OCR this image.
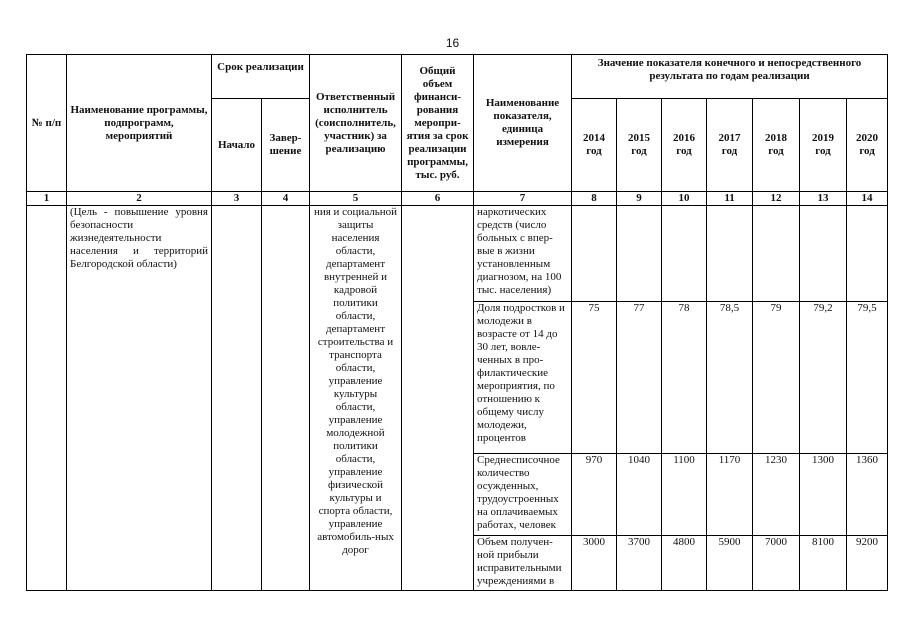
16
№ п/п	Наименование программы, подпрограмм, мероприятий	Срок реализации		Ответственный исполнитель (соисполнитель, участник) за реализацию	Общий объем финанси-рования меропри-ятия за срок реализации программы, тыс. руб.	Наименование показателя, единица измерения	Значение показателя конечного и непосредственного результата по годам реализации						
		Начало	Завер-шение				2014 год	2015 год	2016 год	2017 год	2018 год	2019 год	2020 год
1	2	3	4	5	6	7	8	9	10	11	12	13	14
	(Цель - повышение уровня безопасности жизнедеятельности населения и территорий Белгородской области)			ния и социальной защиты населения области, департамент внутренней и кадровой политики области, департамент строительства и транспорта области, управление культуры области, управление молодежной политики области, управление физической культуры и спорта области, управление автомобиль-ных дорог		наркотических средств (число больных с впер-вые в жизни установленным диагнозом, на 100 тыс. населения)							
						Доля подростков и молодежи в возрасте от 14 до 30 лет, вовле-ченных в про-филактические мероприятия, по отношению к общему числу молодежи, процентов	75	77	78	78,5	79	79,2	79,5
						Среднесписочное количество осужденных, трудоустроенных на оплачиваемых работах, человек	970	1040	1100	1170	1230	1300	1360
						Объем получен-ной прибыли исправительными учреждениями в	3000	3700	4800	5900	7000	8100	9200
